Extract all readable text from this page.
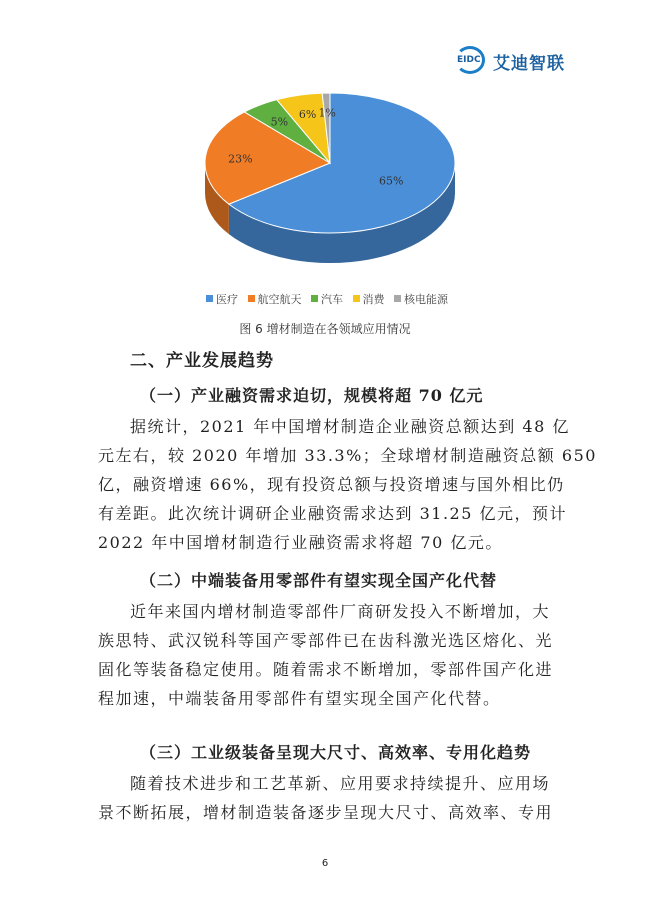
EIDC 艾迪智联
65%
23%
5%
6% 1%
医疗 航空航天 汽车 消费 核电能源
图 6 增材制造在各领域应用情况
二、产业发展趋势
（一）产业融资需求迫切，规模将超 70 亿元
据统计，2021 年中国增材制造企业融资总额达到 48 亿
元左右，较 2020 年增加 33.3%；全球增材制造融资总额 650
亿，融资增速 66%，现有投资总额与投资增速与国外相比仍
有差距。此次统计调研企业融资需求达到 31.25 亿元，预计
2022 年中国增材制造行业融资需求将超 70 亿元。
（二）中端装备用零部件有望实现全国产化代替
近年来国内增材制造零部件厂商研发投入不断增加，大
族思特、武汉锐科等国产零部件已在齿科激光选区熔化、光
固化等装备稳定使用。随着需求不断增加，零部件国产化进
程加速，中端装备用零部件有望实现全国产化代替。
（三）工业级装备呈现大尺寸、高效率、专用化趋势
随着技术进步和工艺革新、应用要求持续提升、应用场
景不断拓展，增材制造装备逐步呈现大尺寸、高效率、专用
6
